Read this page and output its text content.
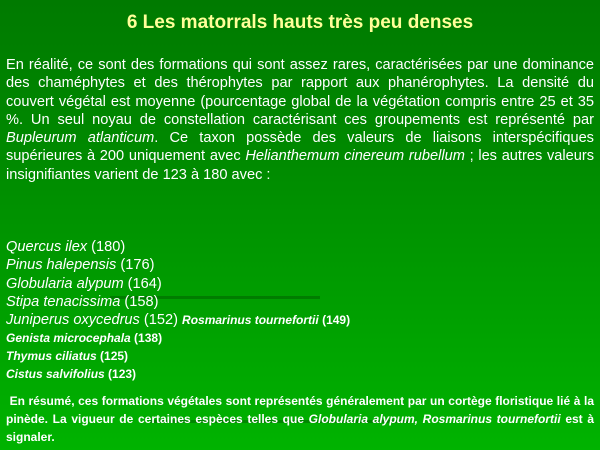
6 Les matorrals hauts très peu denses
En réalité, ce sont des formations qui sont assez rares, caractérisées par une dominance des chaméphytes et des thérophytes par rapport aux phanérophytes. La densité du couvert végétal est moyenne (pourcentage global de la végétation compris entre 25 et 35 %. Un seul noyau de constellation caractérisant ces groupements est représenté par Bupleurum atlanticum. Ce taxon possède des valeurs de liaisons interspécifiques supérieures à 200 uniquement avec Helianthemum cinereum rubellum ; les autres valeurs insignifiantes varient de 123 à 180 avec :
Quercus ilex (180)
Pinus halepensis (176)
Globularia alypum (164)
Stipa tenacissima (158)
Juniperus oxycedrus (152) Rosmarinus tournefortii (149)
Genista microcephala (138)
Thymus ciliatus (125)
Cistus salvifolius (123)
En résumé, ces formations végétales sont représentés généralement par un cortège floristique lié à la pinède. La vigueur de certaines espèces telles que Globularia alypum, Rosmarinus tournefortii est à signaler.
